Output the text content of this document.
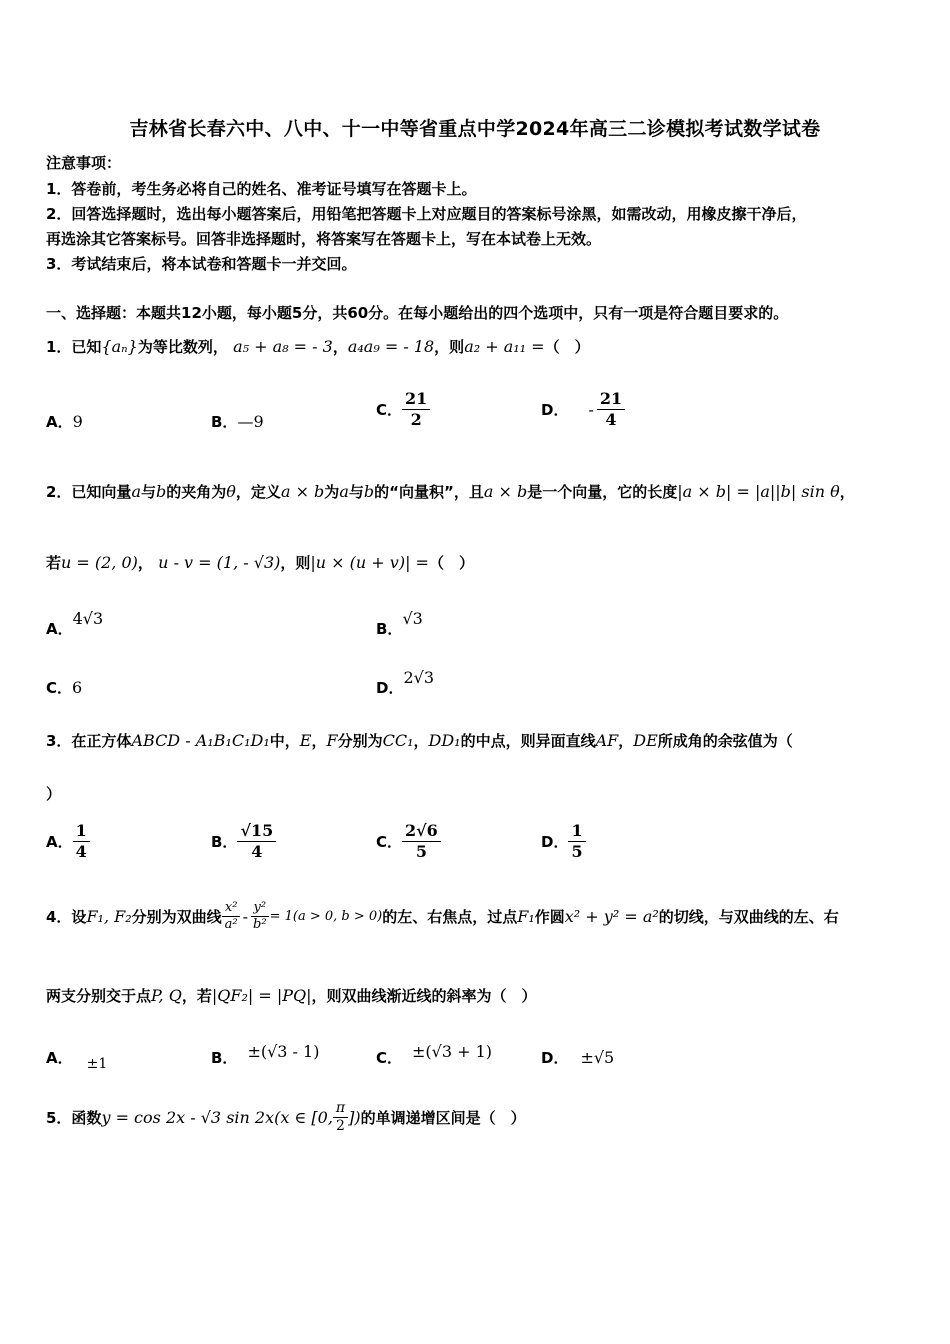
吉林省长春六中、八中、十一中等省重点中学2024年高三二诊模拟考试数学试卷
注意事项：
1．答卷前，考生务必将自己的姓名、准考证号填写在答题卡上。
2．回答选择题时，选出每小题答案后，用铅笔把答题卡上对应题目的答案标号涂黑，如需改动，用橡皮擦干净后，
再选涂其它答案标号。回答非选择题时，将答案写在答题卡上，写在本试卷上无效。
3．考试结束后，将本试卷和答题卡一并交回。
一、选择题：本题共12小题，每小题5分，共60分。在每小题给出的四个选项中，只有一项是符合题目要求的。
1．已知{aₙ}为等比数列， a₅ + a₈ = - 3，a₄a₉ = - 18，则a₂ + a₁₁ =（　）
A．9	B．—9
C． $\frac{21}{2}$	D． - $\frac{21}{4}$
2．已知向量a与b的夹角为θ，定义a × b为a与b的“向量积”，且a × b是一个向量，它的长度|a × b| = |a||b| sin θ，
若u = (2, 0)， u - v = (1, - √3)，则|u × (u + v)| =（　）
A．4√3
B．√3
C．6	D．2√3
3．在正方体ABCD - A₁B₁C₁D₁中，E，F分别为CC₁，DD₁的中点，则异面直线AF，DE所成角的余弦值为（
）
A． $\frac{1}{4}$	B． $\frac{√15}{4}$	C． $\frac{2√6}{5}$	D． $\frac{1}{5}$
4．设F₁, F₂分别为双曲线 $\frac{\text{x²}}{\text{a²}} - \frac{\text{y²}}{\text{b²}} = 1(a > 0$, b > 0)的左、右焦点，过点F₁作圆x² + y² = a²的切线，与双曲线的左、右
两支分别交于点P, Q，若|QF₂| = |PQ|，则双曲线渐近线的斜率为（　）
A． ±1	B． ±(√3 - 1)	C． ±(√3 + 1)	D． ±√5
5．函数y = cos 2x - √3 sin 2x(x ∈ [0, $\frac{\pi}{2}$ ])的单调递增区间是（　）
